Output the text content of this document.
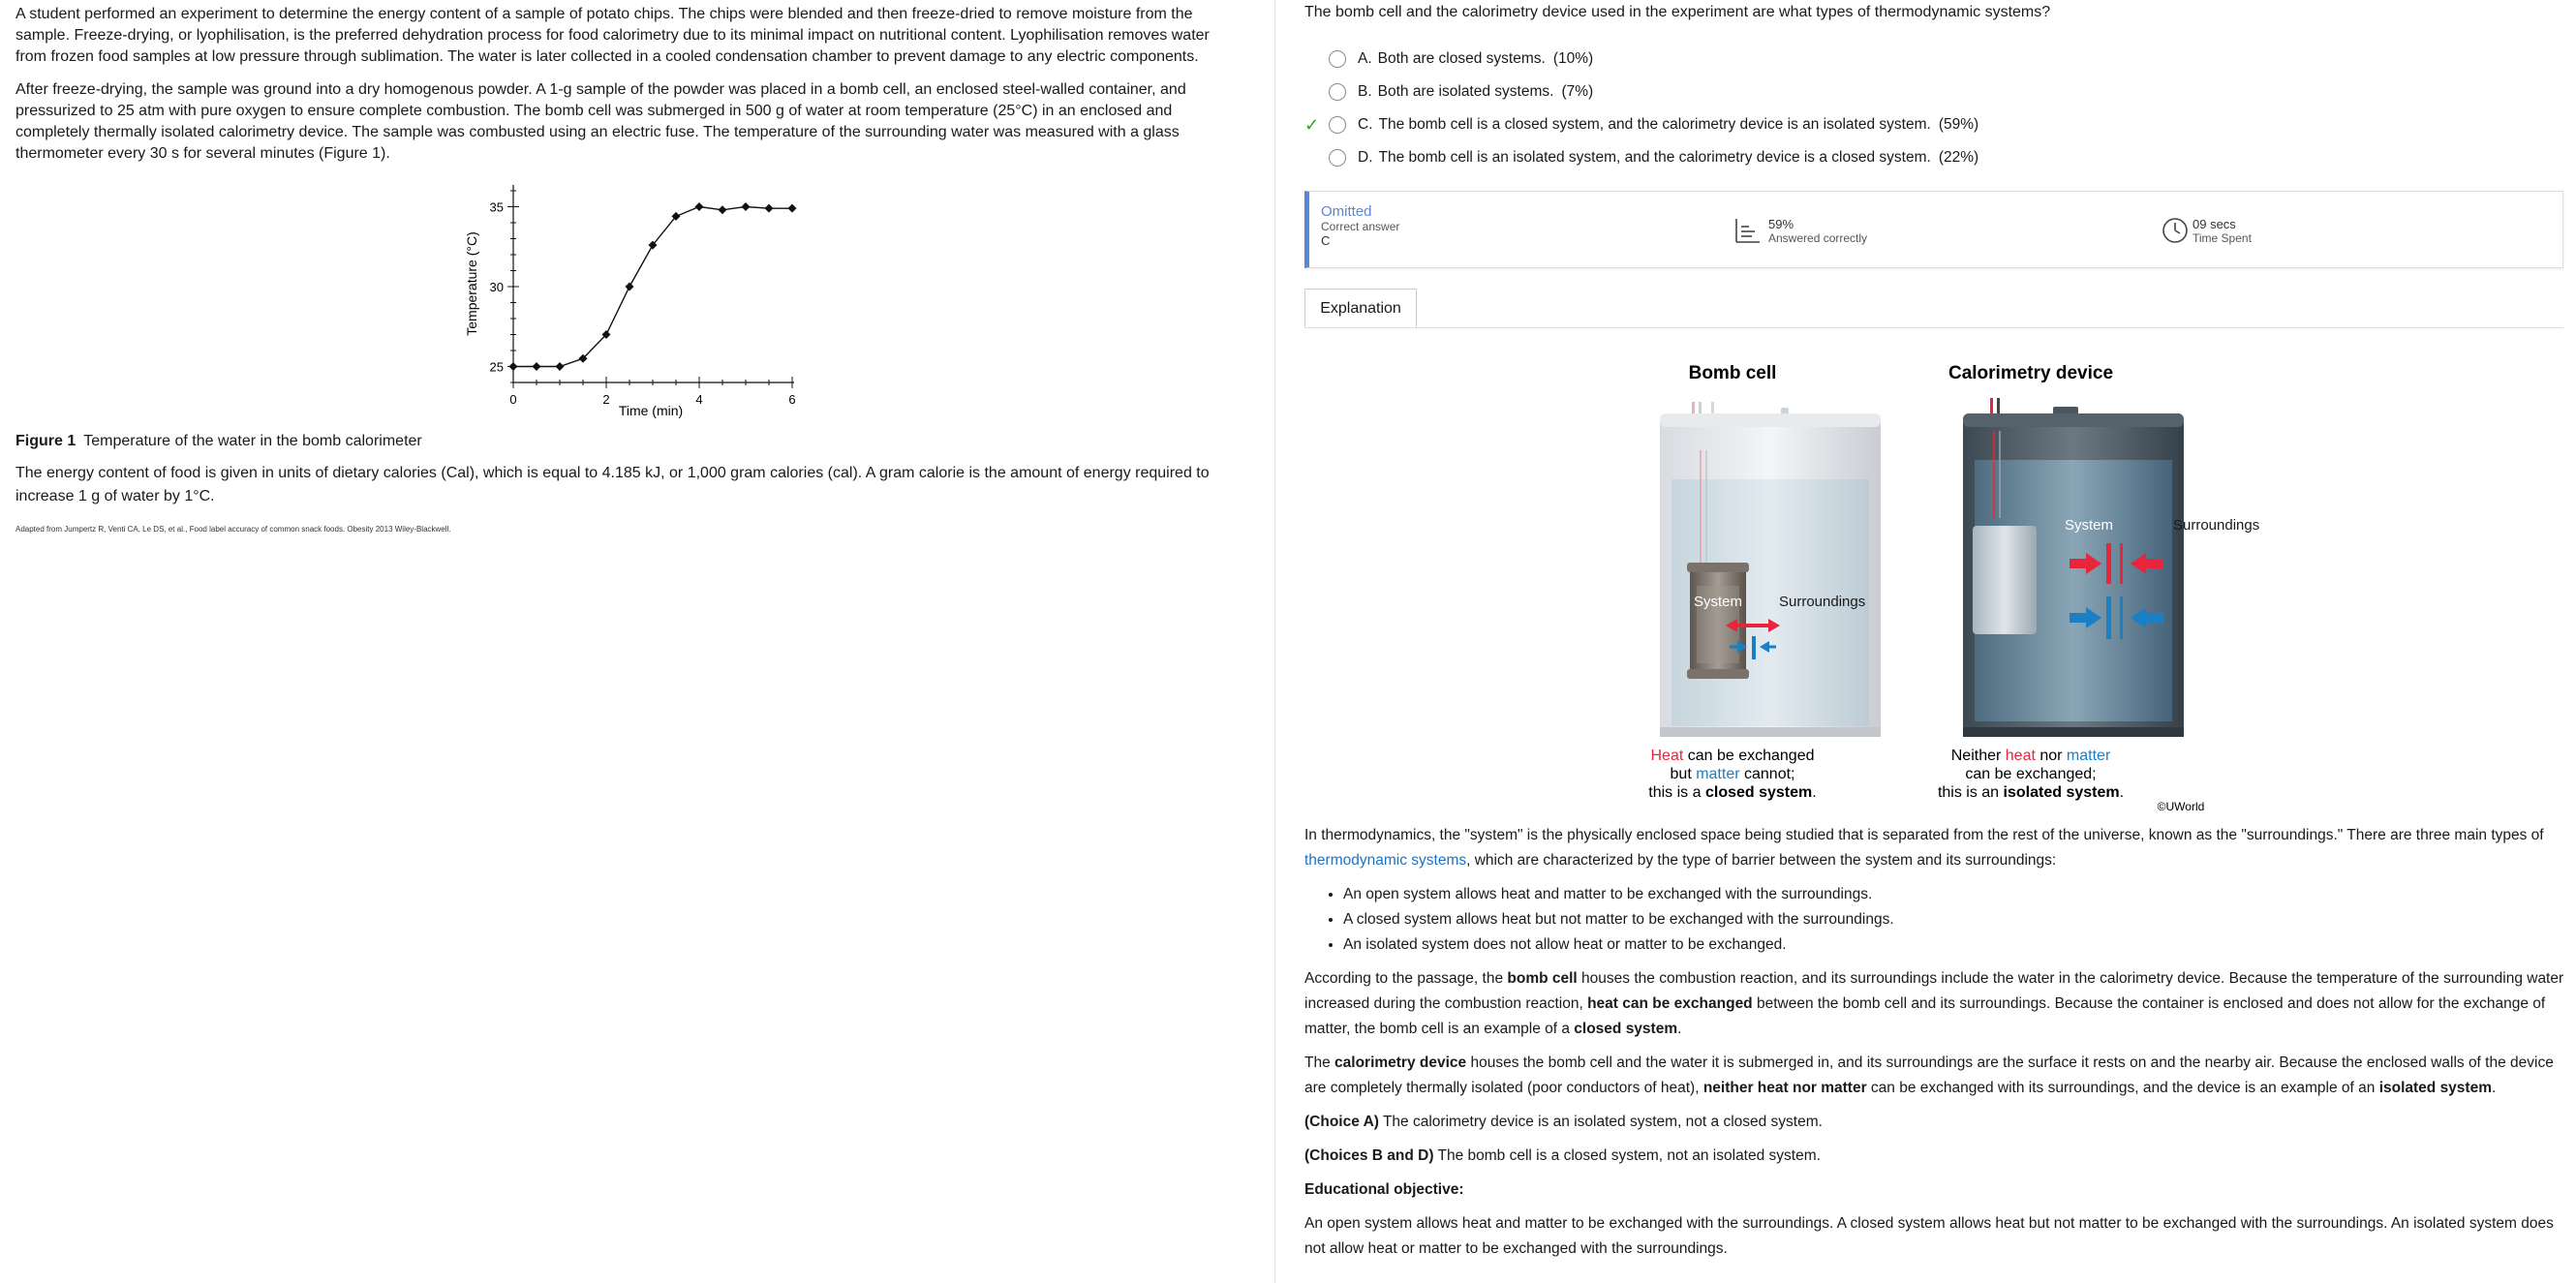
A student performed an experiment to determine the energy content of a sample of potato chips. The chips were blended and then freeze-dried to remove moisture from the sample. Freeze-drying, or lyophilisation, is the preferred dehydration process for food calorimetry due to its minimal impact on nutritional content. Lyophilisation removes water from frozen food samples at low pressure through sublimation. The water is later collected in a cooled condensation chamber to prevent damage to any electric components.

After freeze-drying, the sample was ground into a dry homogenous powder. A 1-g sample of the powder was placed in a bomb cell, an enclosed steel-walled container, and pressurized to 25 atm with pure oxygen to ensure complete combustion. The bomb cell was submerged in 500 g of water at room temperature (25°C) in an enclosed and completely thermally isolated calorimetry device. The sample was combusted using an electric fuse. The temperature of the surrounding water was measured with a glass thermometer every 30 s for several minutes (Figure 1).

0	2	4	6
25
30
35
Time (min)
Temperature (°C)
Figure 1 Temperature of the water in the bomb calorimeter
The energy content of food is given in units of dietary calories (Cal), which is equal to 4.185 kJ, or 1,000 gram calories (cal). A gram calorie is the amount of energy required to increase 1 g of water by 1°C.
Adapted from Jumpertz R, Venti CA, Le DS, et al., Food label accuracy of common snack foods. Obesity 2013 Wiley-Blackwell.
The bomb cell and the calorimetry device used in the experiment are what types of thermodynamic systems?
A. Both are closed systems. (10%)
B. Both are isolated systems. (7%)
✓	C. The bomb cell is a closed system, and the calorimetry device is an isolated system. (59%)
D. The bomb cell is an isolated system, and the calorimetry device is a closed system. (22%)
Omitted
Correct answer
C
59%
Answered correctly
09 secs
Time Spent
Explanation
Bomb cell	Calorimetry device
System	Surroundings
System	Surroundings
Heat can be exchanged
but matter cannot;
this is a closed system.
Neither heat nor matter
can be exchanged;
this is an isolated system.
©UWorld

In thermodynamics, the "system" is the physically enclosed space being studied that is separated from the rest of the universe, known as the "surroundings." There are three main types of thermodynamic systems, which are characterized by the type of barrier between the system and its surroundings:

• An open system allows heat and matter to be exchanged with the surroundings.
• A closed system allows heat but not matter to be exchanged with the surroundings.
• An isolated system does not allow heat or matter to be exchanged.

According to the passage, the bomb cell houses the combustion reaction, and its surroundings include the water in the calorimetry device. Because the temperature of the surrounding water increased during the combustion reaction, heat can be exchanged between the bomb cell and its surroundings. Because the container is enclosed and does not allow for the exchange of matter, the bomb cell is an example of a closed system.

The calorimetry device houses the bomb cell and the water it is submerged in, and its surroundings are the surface it rests on and the nearby air. Because the enclosed walls of the device are completely thermally isolated (poor conductors of heat), neither heat nor matter can be exchanged with its surroundings, and the device is an example of an isolated system.

(Choice A) The calorimetry device is an isolated system, not a closed system.

(Choices B and D) The bomb cell is a closed system, not an isolated system.

Educational objective:

An open system allows heat and matter to be exchanged with the surroundings. A closed system allows heat but not matter to be exchanged with the surroundings. An isolated system does not allow heat or matter to be exchanged with the surroundings.
